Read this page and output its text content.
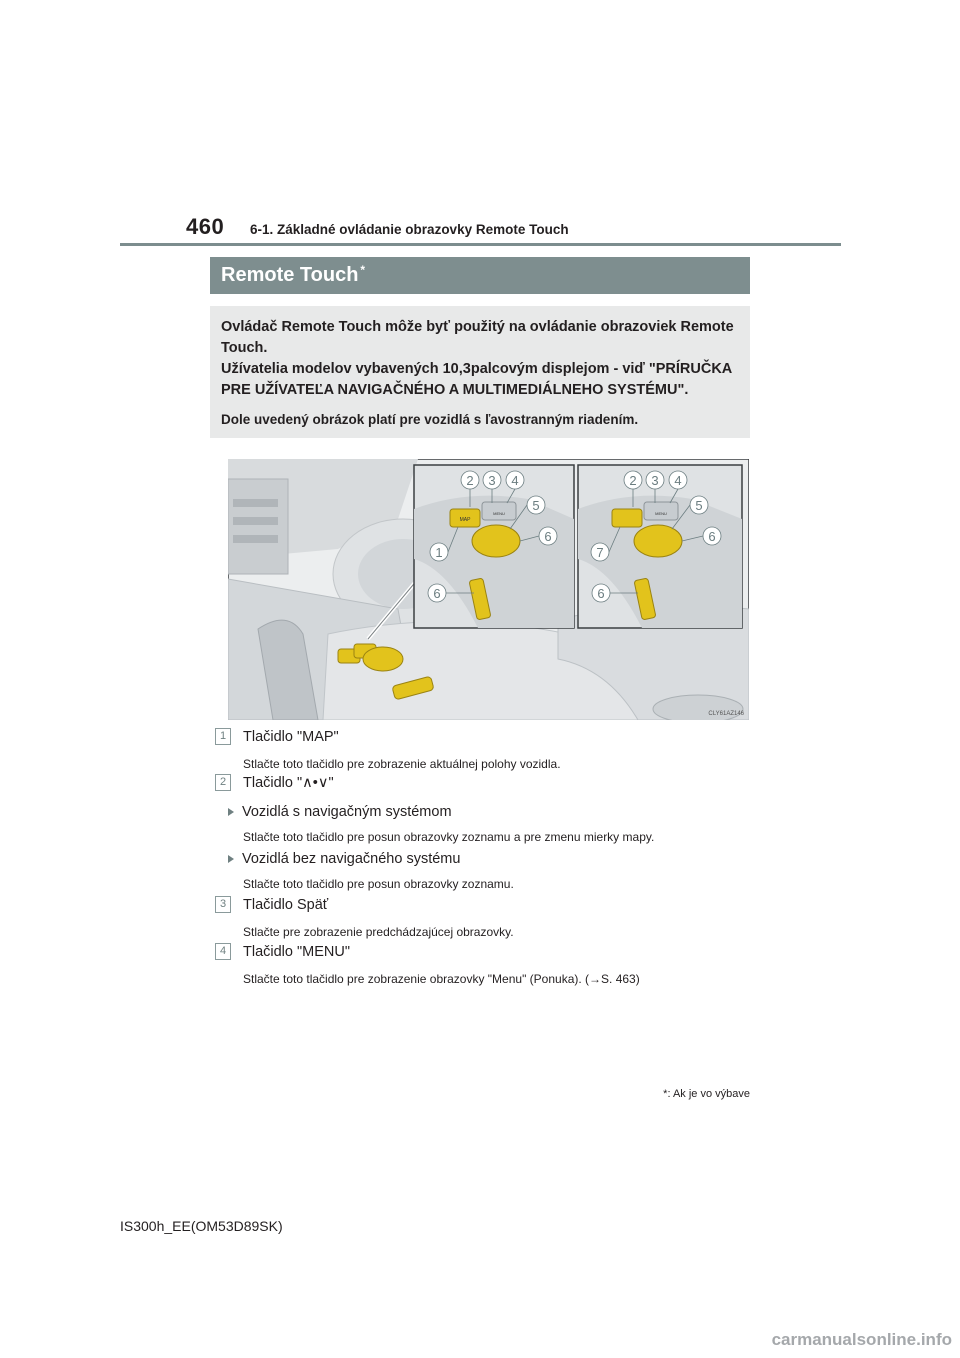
460 6-1. Základné ovládanie obrazovky Remote Touch
Remote Touch *

Ovládač Remote Touch môže byť použitý na ovládanie obrazoviek Remote Touch.

Užívatelia modelov vybavených 10,3palcovým displejom - viď "PRÍRUČKA PRE UŽÍVATEĽA NAVIGAČNÉHO A MULTIMEDIÁLNEHO SYSTÉMU".

Dole uvedený obrázok platí pre vozidlá s ľavostranným riadením.

MAP
MENU
1
2 3 4
5
6
6
MENU
7
2 3 4
5
6
6
CLY61AZ146
1 Tlačidlo "MAP"
Stlačte toto tlačidlo pre zobrazenie aktuálnej polohy vozidla.
2 Tlačidlo "∧•∨"
Vozidlá s navigačným systémom
Stlačte toto tlačidlo pre posun obrazovky zoznamu a pre zmenu mierky mapy.
Vozidlá bez navigačného systému
Stlačte toto tlačidlo pre posun obrazovky zoznamu.
3 Tlačidlo Späť
Stlačte pre zobrazenie predchádzajúcej obrazovky.
4 Tlačidlo "MENU"
Stlačte toto tlačidlo pre zobrazenie obrazovky "Menu" (Ponuka). (→S. 463)
*: Ak je vo výbave
IS300h_EE(OM53D89SK)
carmanualsonline.info
